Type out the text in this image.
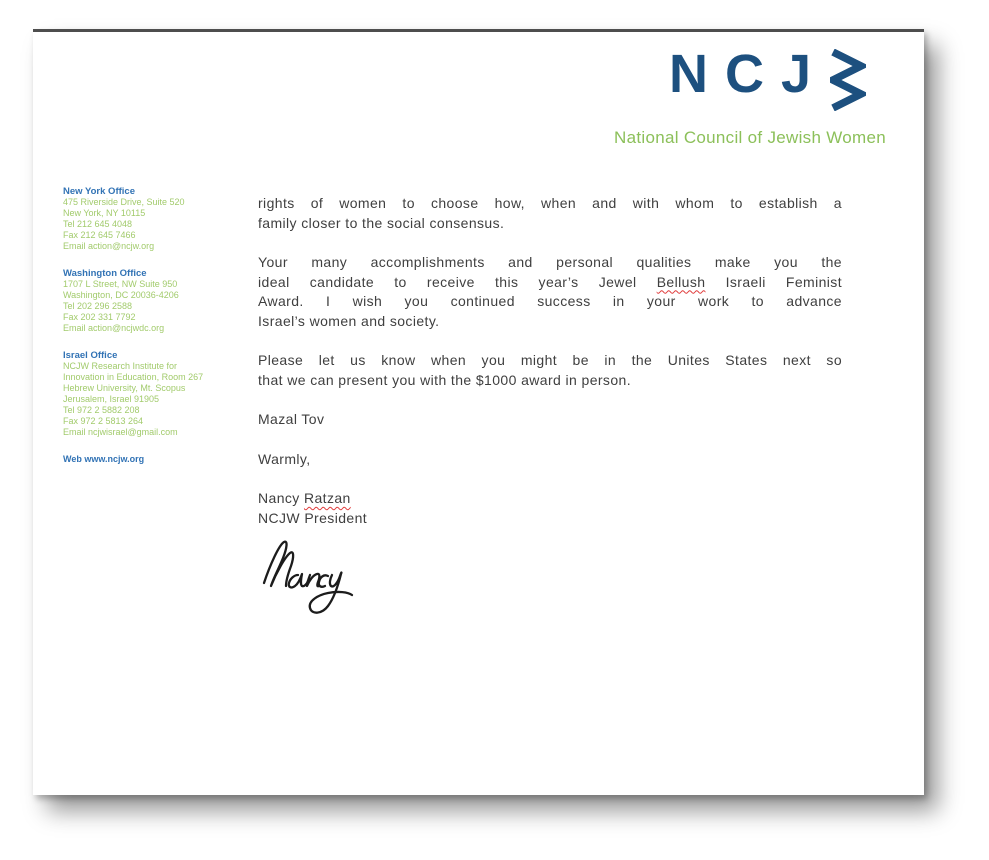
NCJ
National Council of Jewish Women
New York Office
475 Riverside Drive, Suite 520
New York, NY 10115
Tel 212 645 4048
Fax 212 645 7466
Email action@ncjw.org
Washington Office
1707 L Street, NW Suite 950
Washington, DC 20036-4206
Tel 202 296 2588
Fax 202 331 7792
Email action@ncjwdc.org
Israel Office
NCJW Research Institute for
Innovation in Education, Room 267
Hebrew University, Mt. Scopus
Jerusalem, Israel 91905
Tel 972 2 5882 208
Fax 972 2 5813 264
Email ncjwisrael@gmail.com
Web www.ncjw.org
rights of women to choose how, when and with whom to establish a
family closer to the social consensus.
Your many accomplishments and personal qualities make you the
ideal candidate to receive this year’s Jewel Bellush Israeli Feminist
Award. I wish you continued success in your work to advance
Israel’s women and society.
Please let us know when you might be in the Unites States next so
that we can present you with the $1000 award in person.
Mazal Tov
Warmly,
Nancy Ratzan
NCJW President
